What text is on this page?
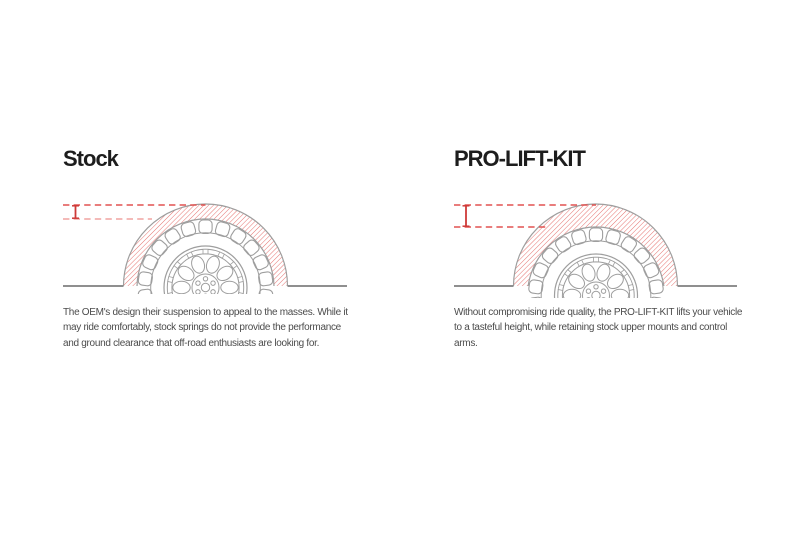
Stock	PRO-LIFT-KIT
The OEM's design their suspension to appeal to the masses. While it
may ride comfortably, stock springs do not provide the performance
and ground clearance that off-road enthusiasts are looking for.
Without compromising ride quality, the PRO-LIFT-KIT lifts your vehicle
to a tasteful height, while retaining stock upper mounts and control
arms.
